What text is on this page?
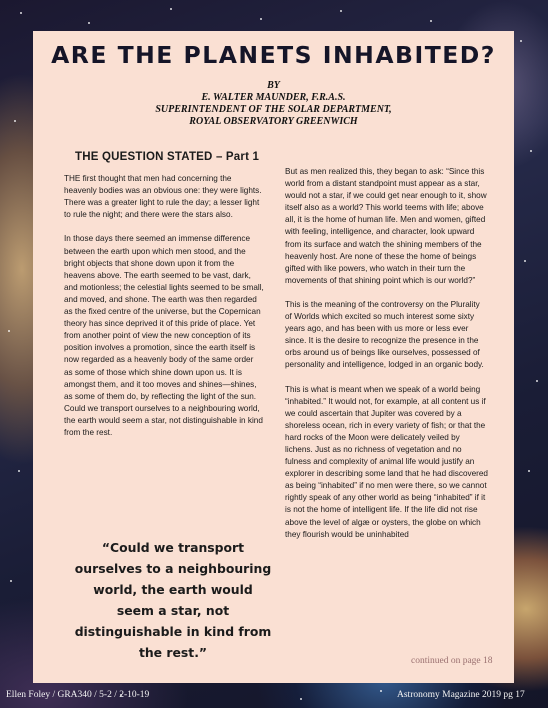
ARE THE PLANETS INHABITED?
BY
E. WALTER MAUNDER, F.R.A.S.
SUPERINTENDENT OF THE SOLAR DEPARTMENT,
ROYAL OBSERVATORY GREENWICH
THE QUESTION STATED – Part 1

THE first thought that men had concerning the heavenly bodies was an obvious one: they were lights. There was a greater light to rule the day; a lesser light to rule the night; and there were the stars also.

In those days there seemed an immense difference between the earth upon which men stood, and the bright objects that shone down upon it from the heavens above. The earth seemed to be vast, dark, and motionless; the celestial lights seemed to be small, and moved, and shone. The earth was then regarded as the fixed centre of the universe, but the Copernican theory has since deprived it of this pride of place. Yet from another point of view the new conception of its position involves a promotion, since the earth itself is now regarded as a heavenly body of the same order as some of those which shine down upon us. It is amongst them, and it too moves and shines—shines, as some of them do, by reflecting the light of the sun. Could we transport ourselves to a neighbouring world, the earth would seem a star, not distinguishable in kind from the rest.

“Could we transport ourselves to a neighbouring world, the earth would seem a star, not distinguishable in kind from the rest.”

But as men realized this, they began to ask: “Since this world from a distant standpoint must appear as a star, would not a star, if we could get near enough to it, show itself also as a world? This world teems with life; above all, it is the home of human life. Men and women, gifted with feeling, intelligence, and character, look upward from its surface and watch the shining members of the heavenly host. Are none of these the home of beings gifted with like powers, who watch in their turn the movements of that shining point which is our world?”

This is the meaning of the controversy on the Plurality of Worlds which excited so much interest some sixty years ago, and has been with us more or less ever since. It is the desire to recognize the presence in the orbs around us of beings like ourselves, possessed of personality and intelligence, lodged in an organic body.

This is what is meant when we speak of a world being “inhabited.” It would not, for example, at all content us if we could ascertain that Jupiter was covered by a shoreless ocean, rich in every variety of fish; or that the hard rocks of the Moon were delicately veiled by lichens. Just as no richness of vegetation and no fulness and complexity of animal life would justify an explorer in describing some land that he had discovered as being “inhabited” if no men were there, so we cannot rightly speak of any other world as being “inhabited” if it is not the home of intelligent life. If the life did not rise above the level of algæ or oysters, the globe on which they flourish would be uninhabited

continued on page 18
Ellen Foley / GRA340 / 5-2 / 2-10-19	Astronomy Magazine 2019 pg 17
